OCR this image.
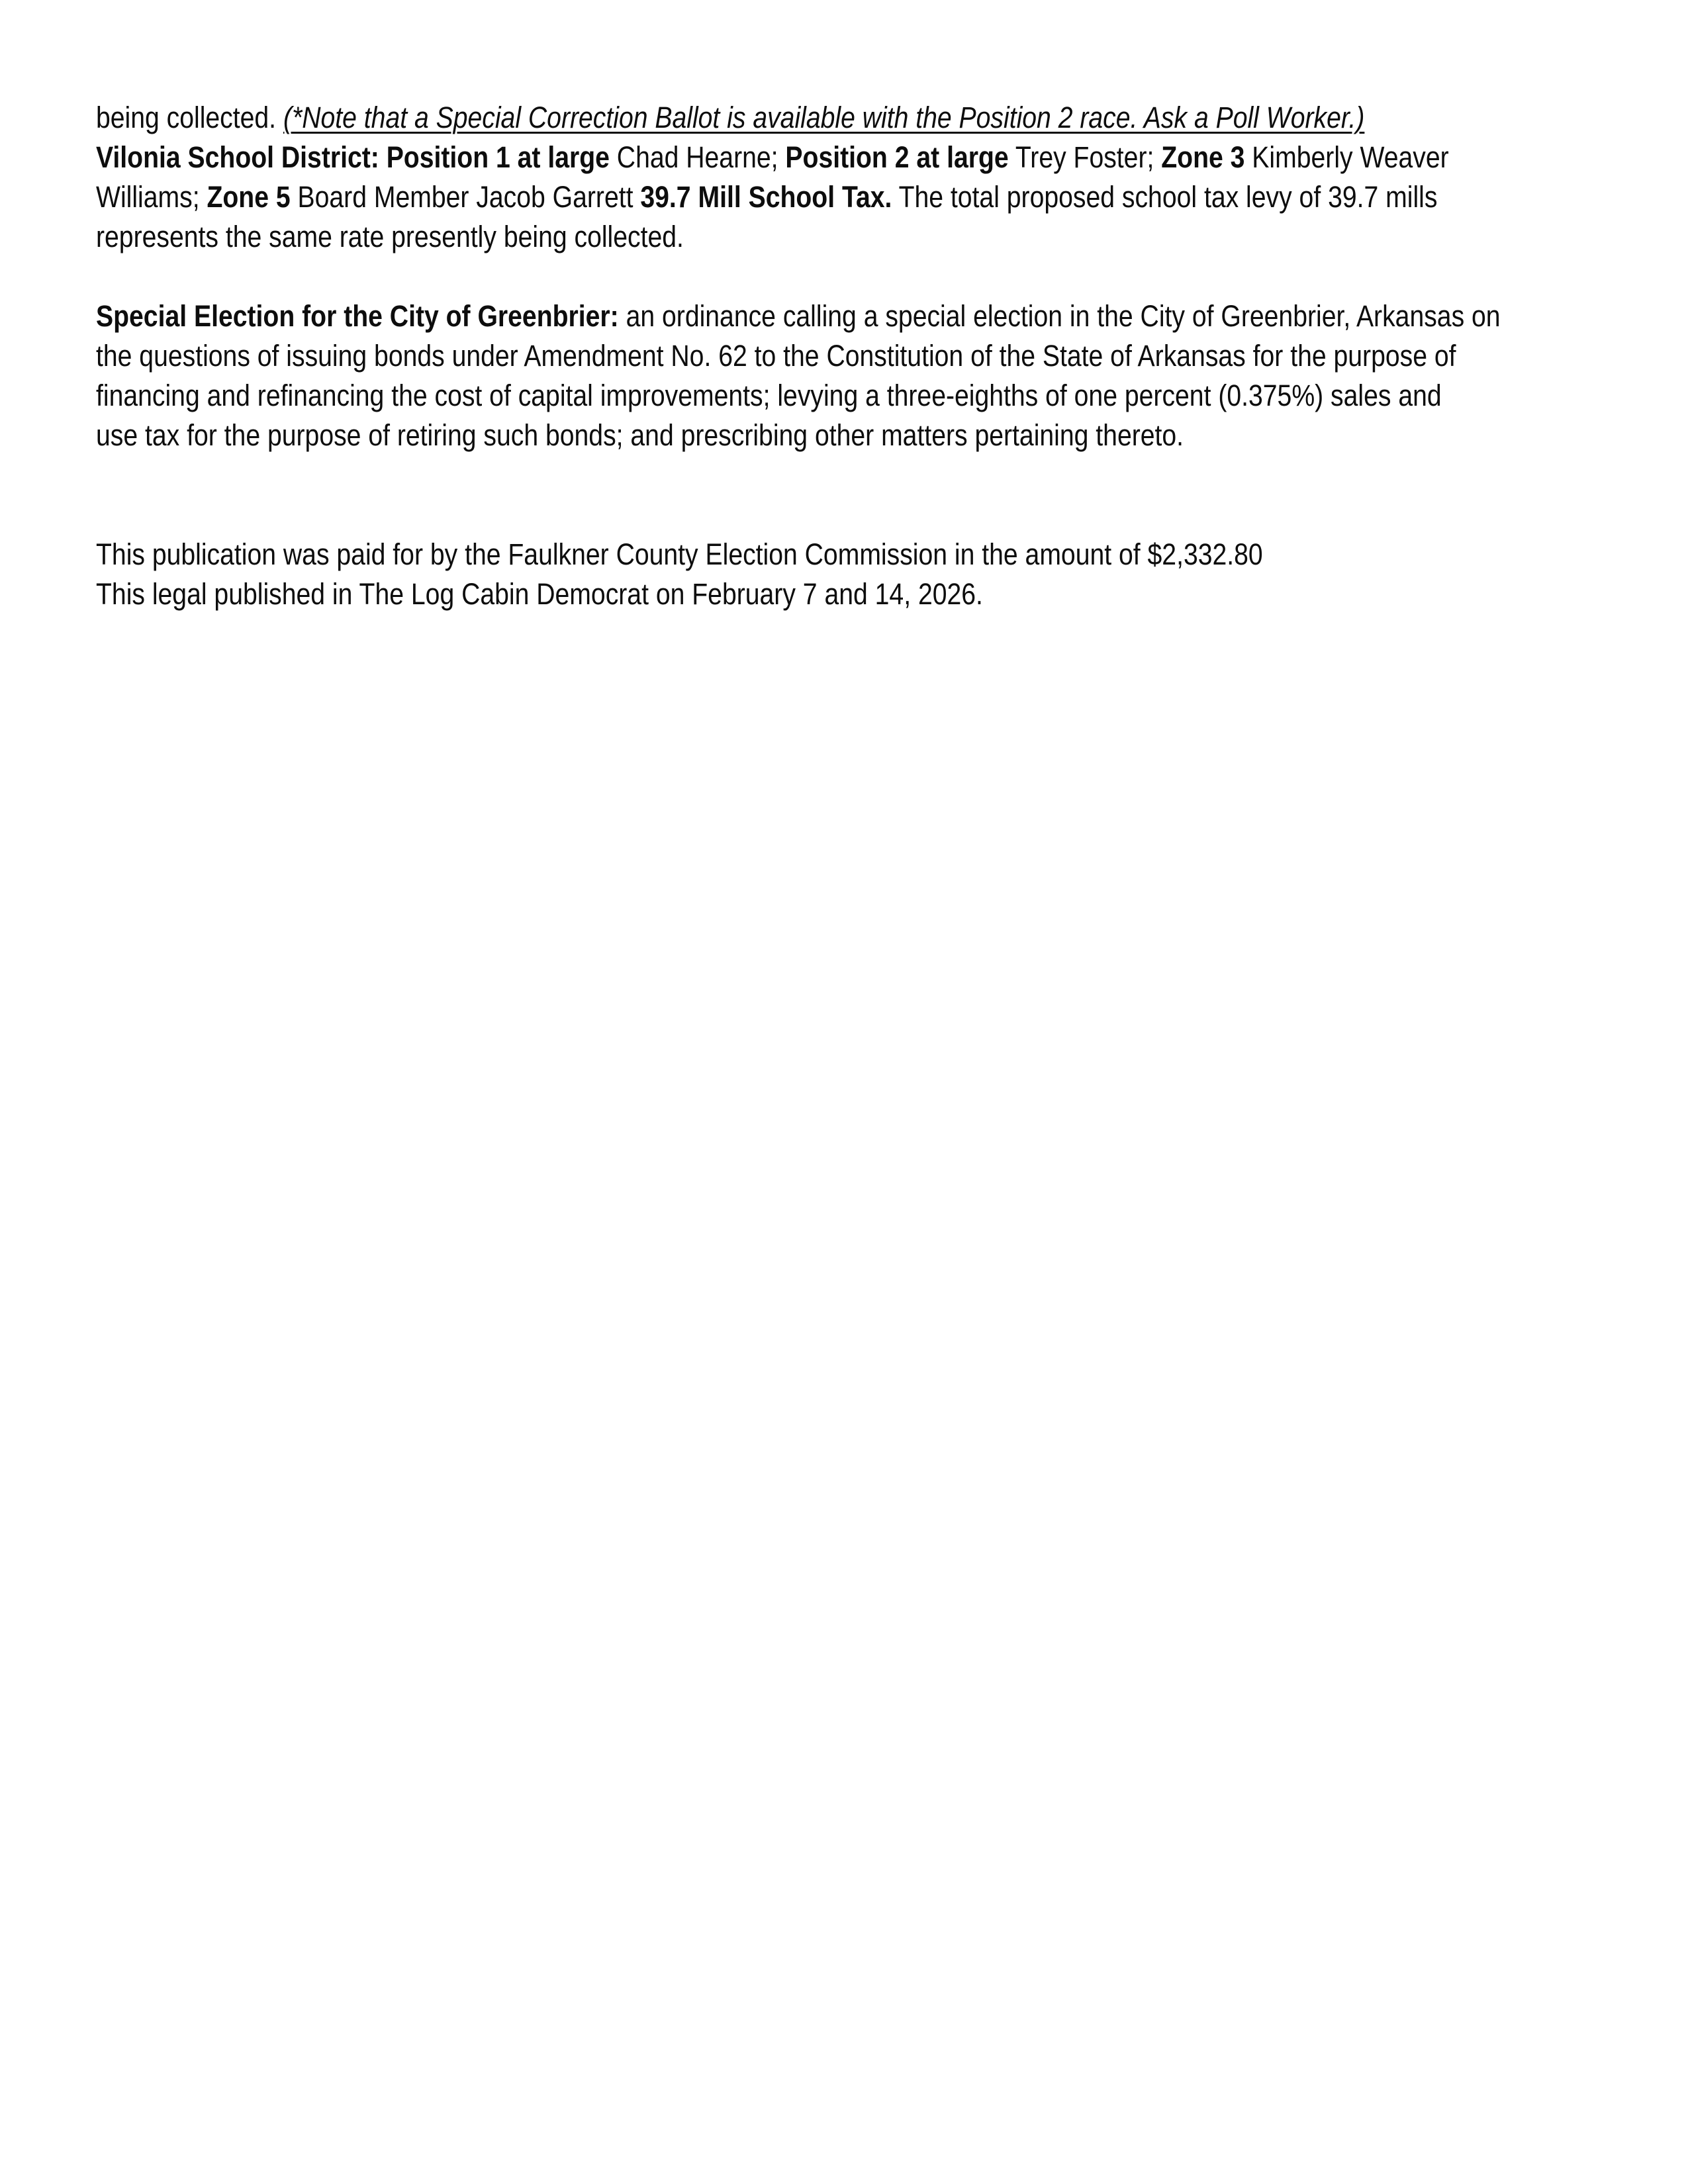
being collected. (*Note that a Special Correction Ballot is available with the Position 2 race. Ask a Poll Worker.)
Vilonia School District: Position 1 at large Chad Hearne; Position 2 at large Trey Foster; Zone 3 Kimberly Weaver
Williams; Zone 5 Board Member Jacob Garrett 39.7 Mill School Tax. The total proposed school tax levy of 39.7 mills
represents the same rate presently being collected.
Special Election for the City of Greenbrier: an ordinance calling a special election in the City of Greenbrier, Arkansas on
the questions of issuing bonds under Amendment No. 62 to the Constitution of the State of Arkansas for the purpose of
financing and refinancing the cost of capital improvements; levying a three-eighths of one percent (0.375%) sales and
use tax for the purpose of retiring such bonds; and prescribing other matters pertaining thereto.
This publication was paid for by the Faulkner County Election Commission in the amount of $2,332.80
This legal published in The Log Cabin Democrat on February 7 and 14, 2026.
